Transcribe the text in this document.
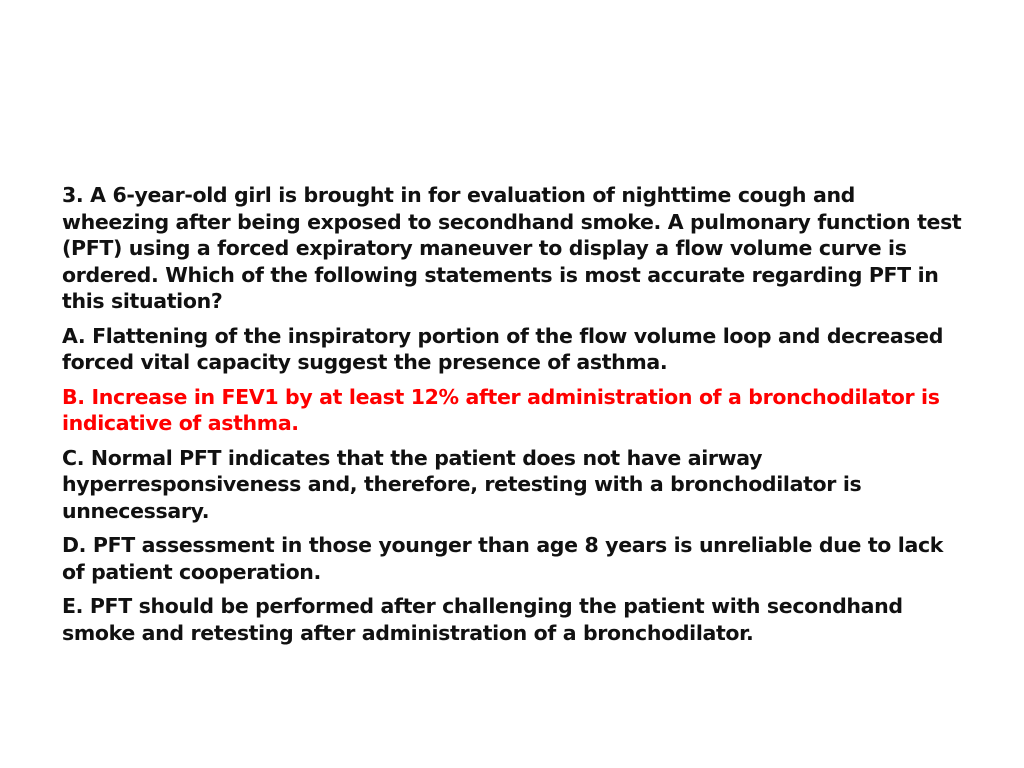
3. A 6-year-old girl is brought in for evaluation of nighttime cough and wheezing after being exposed to secondhand smoke. A pulmonary function test (PFT) using a forced expiratory maneuver to display a flow volume curve is ordered. Which of the following statements is most accurate regarding PFT in this situation?

A. Flattening of the inspiratory portion of the flow volume loop and decreased forced vital capacity suggest the presence of asthma.

B. Increase in FEV1 by at least 12% after administration of a bronchodilator is indicative of asthma.

C. Normal PFT indicates that the patient does not have airway hyperresponsiveness and, therefore, retesting with a bronchodilator is unnecessary.

D. PFT assessment in those younger than age 8 years is unreliable due to lack of patient cooperation.

E. PFT should be performed after challenging the patient with secondhand smoke and retesting after administration of a bronchodilator.
